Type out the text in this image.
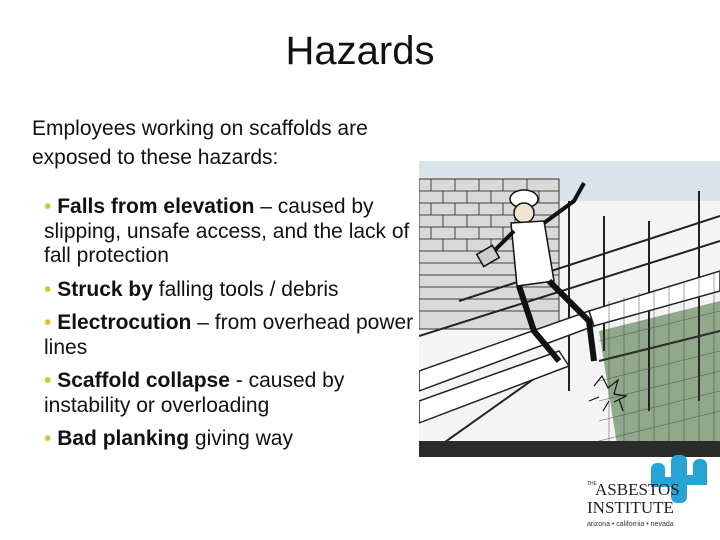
Hazards
Employees working on scaffolds are exposed to these hazards:
• Falls from elevation – caused by slipping, unsafe access, and the lack of fall protection
• Struck by falling tools / debris
• Electrocution – from overhead power lines
• Scaffold collapse - caused by instability or overloading
• Bad planking giving way
THE
ASBESTOS
INSTITUTE
arizona • california • nevada
